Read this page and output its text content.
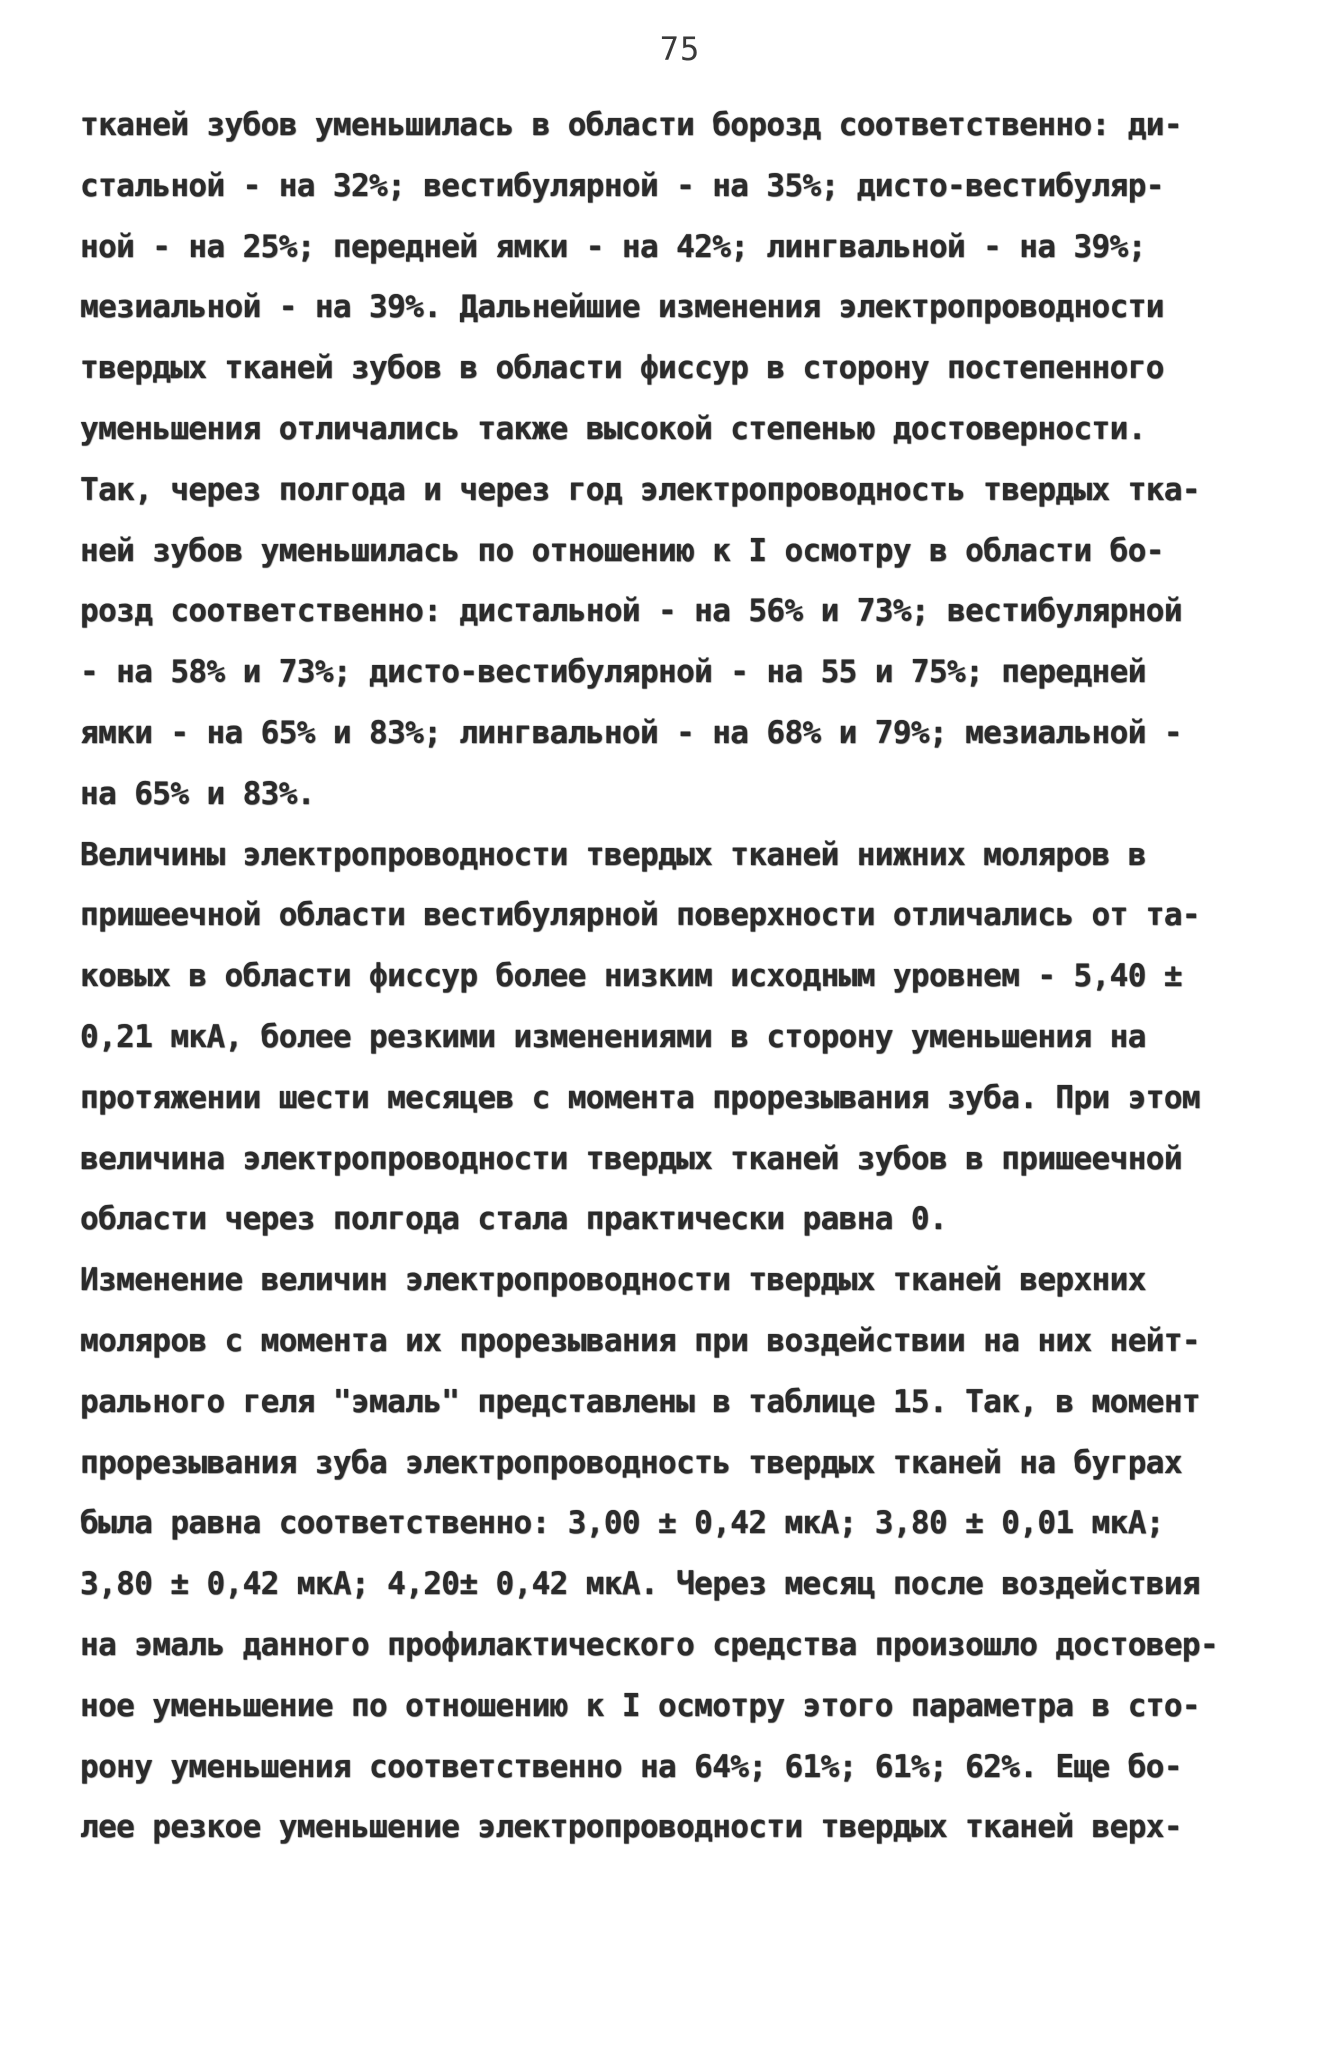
75
тканей зубов уменьшилась в области борозд соответственно: ди-
стальной - на 32%; вестибулярной - на 35%; дисто-вестибуляр-
ной - на 25%; передней ямки - на 42%; лингвальной - на 39%;
мезиальной - на 39%. Дальнейшие изменения электропроводности
твердых тканей зубов в области фиссур в сторону постепенного
уменьшения отличались также высокой степенью достоверности.
Так, через полгода и через год электропроводность твердых тка-
ней зубов уменьшилась по отношению к I осмотру в области бо-
розд соответственно: дистальной - на 56% и 73%; вестибулярной
- на 58% и 73%; дисто-вестибулярной - на 55 и 75%; передней
ямки - на 65% и 83%; лингвальной - на 68% и 79%; мезиальной -
на 65% и 83%.
Величины электропроводности твердых тканей нижних моляров в
пришеечной области вестибулярной поверхности отличались от та-
ковых в области фиссур более низким исходным уровнем - 5,40 ±
0,21 мкА, более резкими изменениями в сторону уменьшения на
протяжении шести месяцев с момента прорезывания зуба. При этом
величина электропроводности твердых тканей зубов в пришеечной
области через полгода стала практически равна 0.
Изменение величин электропроводности твердых тканей верхних
моляров с момента их прорезывания при воздействии на них нейт-
рального геля "эмаль" представлены в таблице 15. Так, в момент
прорезывания зуба электропроводность твердых тканей на буграх
была равна соответственно: 3,00 ± 0,42 мкА; 3,80 ± 0,01 мкА;
3,80 ± 0,42 мкА; 4,20± 0,42 мкА. Через месяц после воздействия
на эмаль данного профилактического средства произошло достовер-
ное уменьшение по отношению к I осмотру этого параметра в сто-
рону уменьшения соответственно на 64%; 61%; 61%; 62%. Еще бо-
лее резкое уменьшение электропроводности твердых тканей верх-
